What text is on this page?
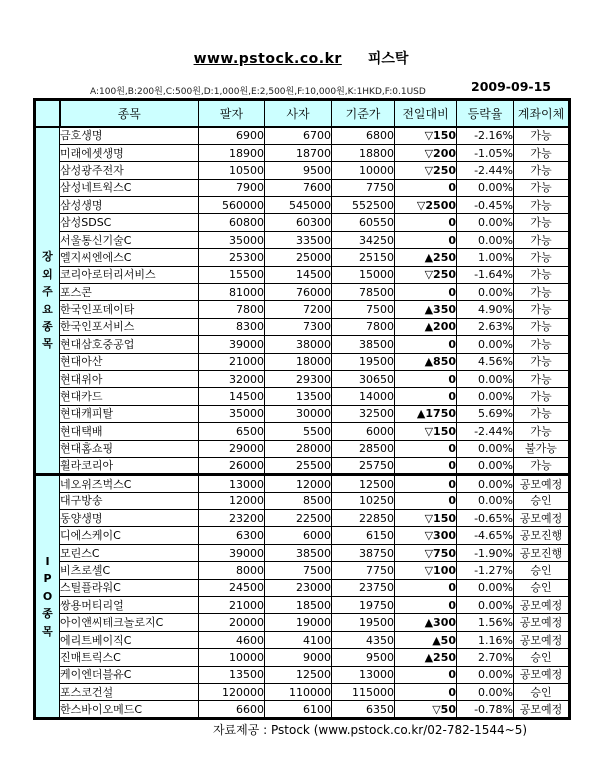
www.pstock.co.kr 피스탁
A:100원,B:200원,C:500원,D:1,000원,E:2,500원,F:10,000원,K:1HKD,F:0.1USD	2009-09-15
	종목	팔자	사자	기준가	전일대비	등락율	계좌이체

장
외
주
요
종
목
	금호생명	6900	6700	6800	▽150	-2.16%	가능
	미래에셋생명	18900	18700	18800	▽200	-1.05%	가능
	삼성광주전자	10500	9500	10000	▽250	-2.44%	가능
	삼성네트웍스C	7900	7600	7750	0	0.00%	가능
	삼성생명	560000	545000	552500	▽2500	-0.45%	가능
	삼성SDSC	60800	60300	60550	0	0.00%	가능
	서울통신기술C	35000	33500	34250	0	0.00%	가능
	엘지씨엔에스C	25300	25000	25150	▲250	1.00%	가능
	코리아로터리서비스	15500	14500	15000	▽250	-1.64%	가능
	포스콘	81000	76000	78500	0	0.00%	가능
	한국인포데이타	7800	7200	7500	▲350	4.90%	가능
	한국인포서비스	8300	7300	7800	▲200	2.63%	가능
	현대삼호중공업	39000	38000	38500	0	0.00%	가능
	현대아산	21000	18000	19500	▲850	4.56%	가능
	현대위아	32000	29300	30650	0	0.00%	가능
	현대카드	14500	13500	14000	0	0.00%	가능
	현대캐피탈	35000	30000	32500	▲1750	5.69%	가능
	현대택배	6500	5500	6000	▽150	-2.44%	가능
	현대홈쇼핑	29000	28000	28500	0	0.00%	불가능
	휠라코리아	26000	25500	25750	0	0.00%	가능

I
P
O
종
목	네오위즈벅스C	13000	12000	12500	0	0.00%	공모예정
	대구방송	12000	8500	10250	0	0.00%	승인
	동양생명	23200	22500	22850	▽150	-0.65%	공모예정
	디에스케이C	6300	6000	6150	▽300	-4.65%	공모진행
	모린스C	39000	38500	38750	▽750	-1.90%	공모진행
	비츠로셀C	8000	7500	7750	▽100	-1.27%	승인
	스틸플라워C	24500	23000	23750	0	0.00%	승인
	쌍용머티리얼	21000	18500	19750	0	0.00%	공모예정
	아이앤씨테크놀로지C	20000	19000	19500	▲300	1.56%	공모예정
	에리트베이직C	4600	4100	4350	▲50	1.16%	공모예정
	진매트릭스C	10000	9000	9500	▲250	2.70%	승인
	케이엔더블유C	13500	12500	13000	0	0.00%	공모예정
	포스코건설	120000	110000	115000	0	0.00%	승인
	한스바이오메드C	6600	6100	6350	▽50	-0.78%	공모예정
자료제공 : Pstock (www.pstock.co.kr/02-782-1544~5)
